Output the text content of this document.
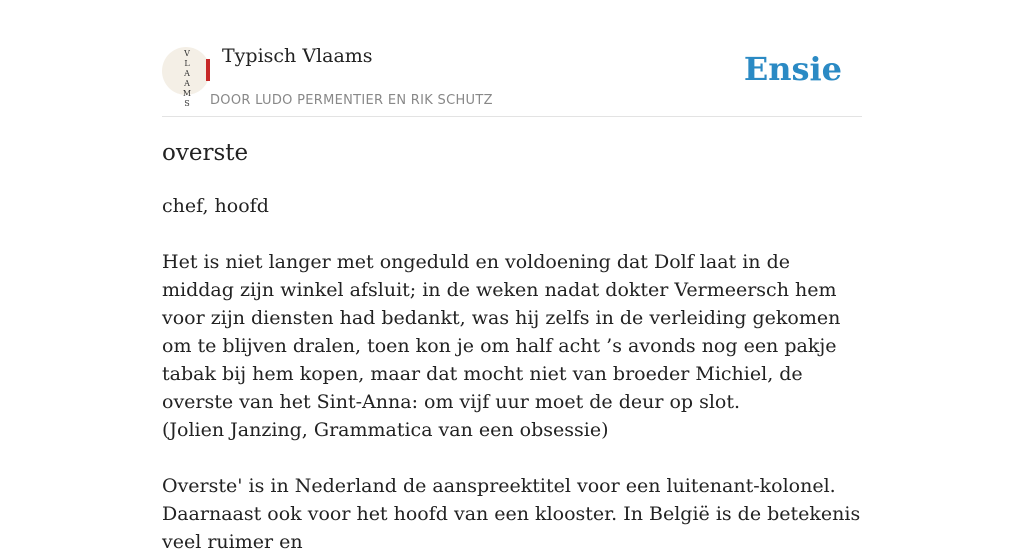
V
L
A
A
M
S
Typisch Vlaams
DOOR LUDO PERMENTIER EN RIK SCHUTZ
Ensie
overste

chef, hoofd

Het is niet langer met ongeduld en voldoening dat Dolf laat in de middag zijn winkel afsluit; in de weken nadat dokter Vermeersch hem voor zijn diensten had bedankt, was hij zelfs in de verleiding gekomen om te blijven dralen, toen kon je om half acht ’s avonds nog een pakje tabak bij hem kopen, maar dat mocht niet van broeder Michiel, de overste van het Sint-Anna: om vijf uur moet de deur op slot.

(Jolien Janzing, Grammatica van een obsessie)

Overste' is in Nederland de aanspreektitel voor een luitenant-kolonel. Daarnaast ook voor het hoofd van een klooster. In België is de betekenis veel ruimer en
